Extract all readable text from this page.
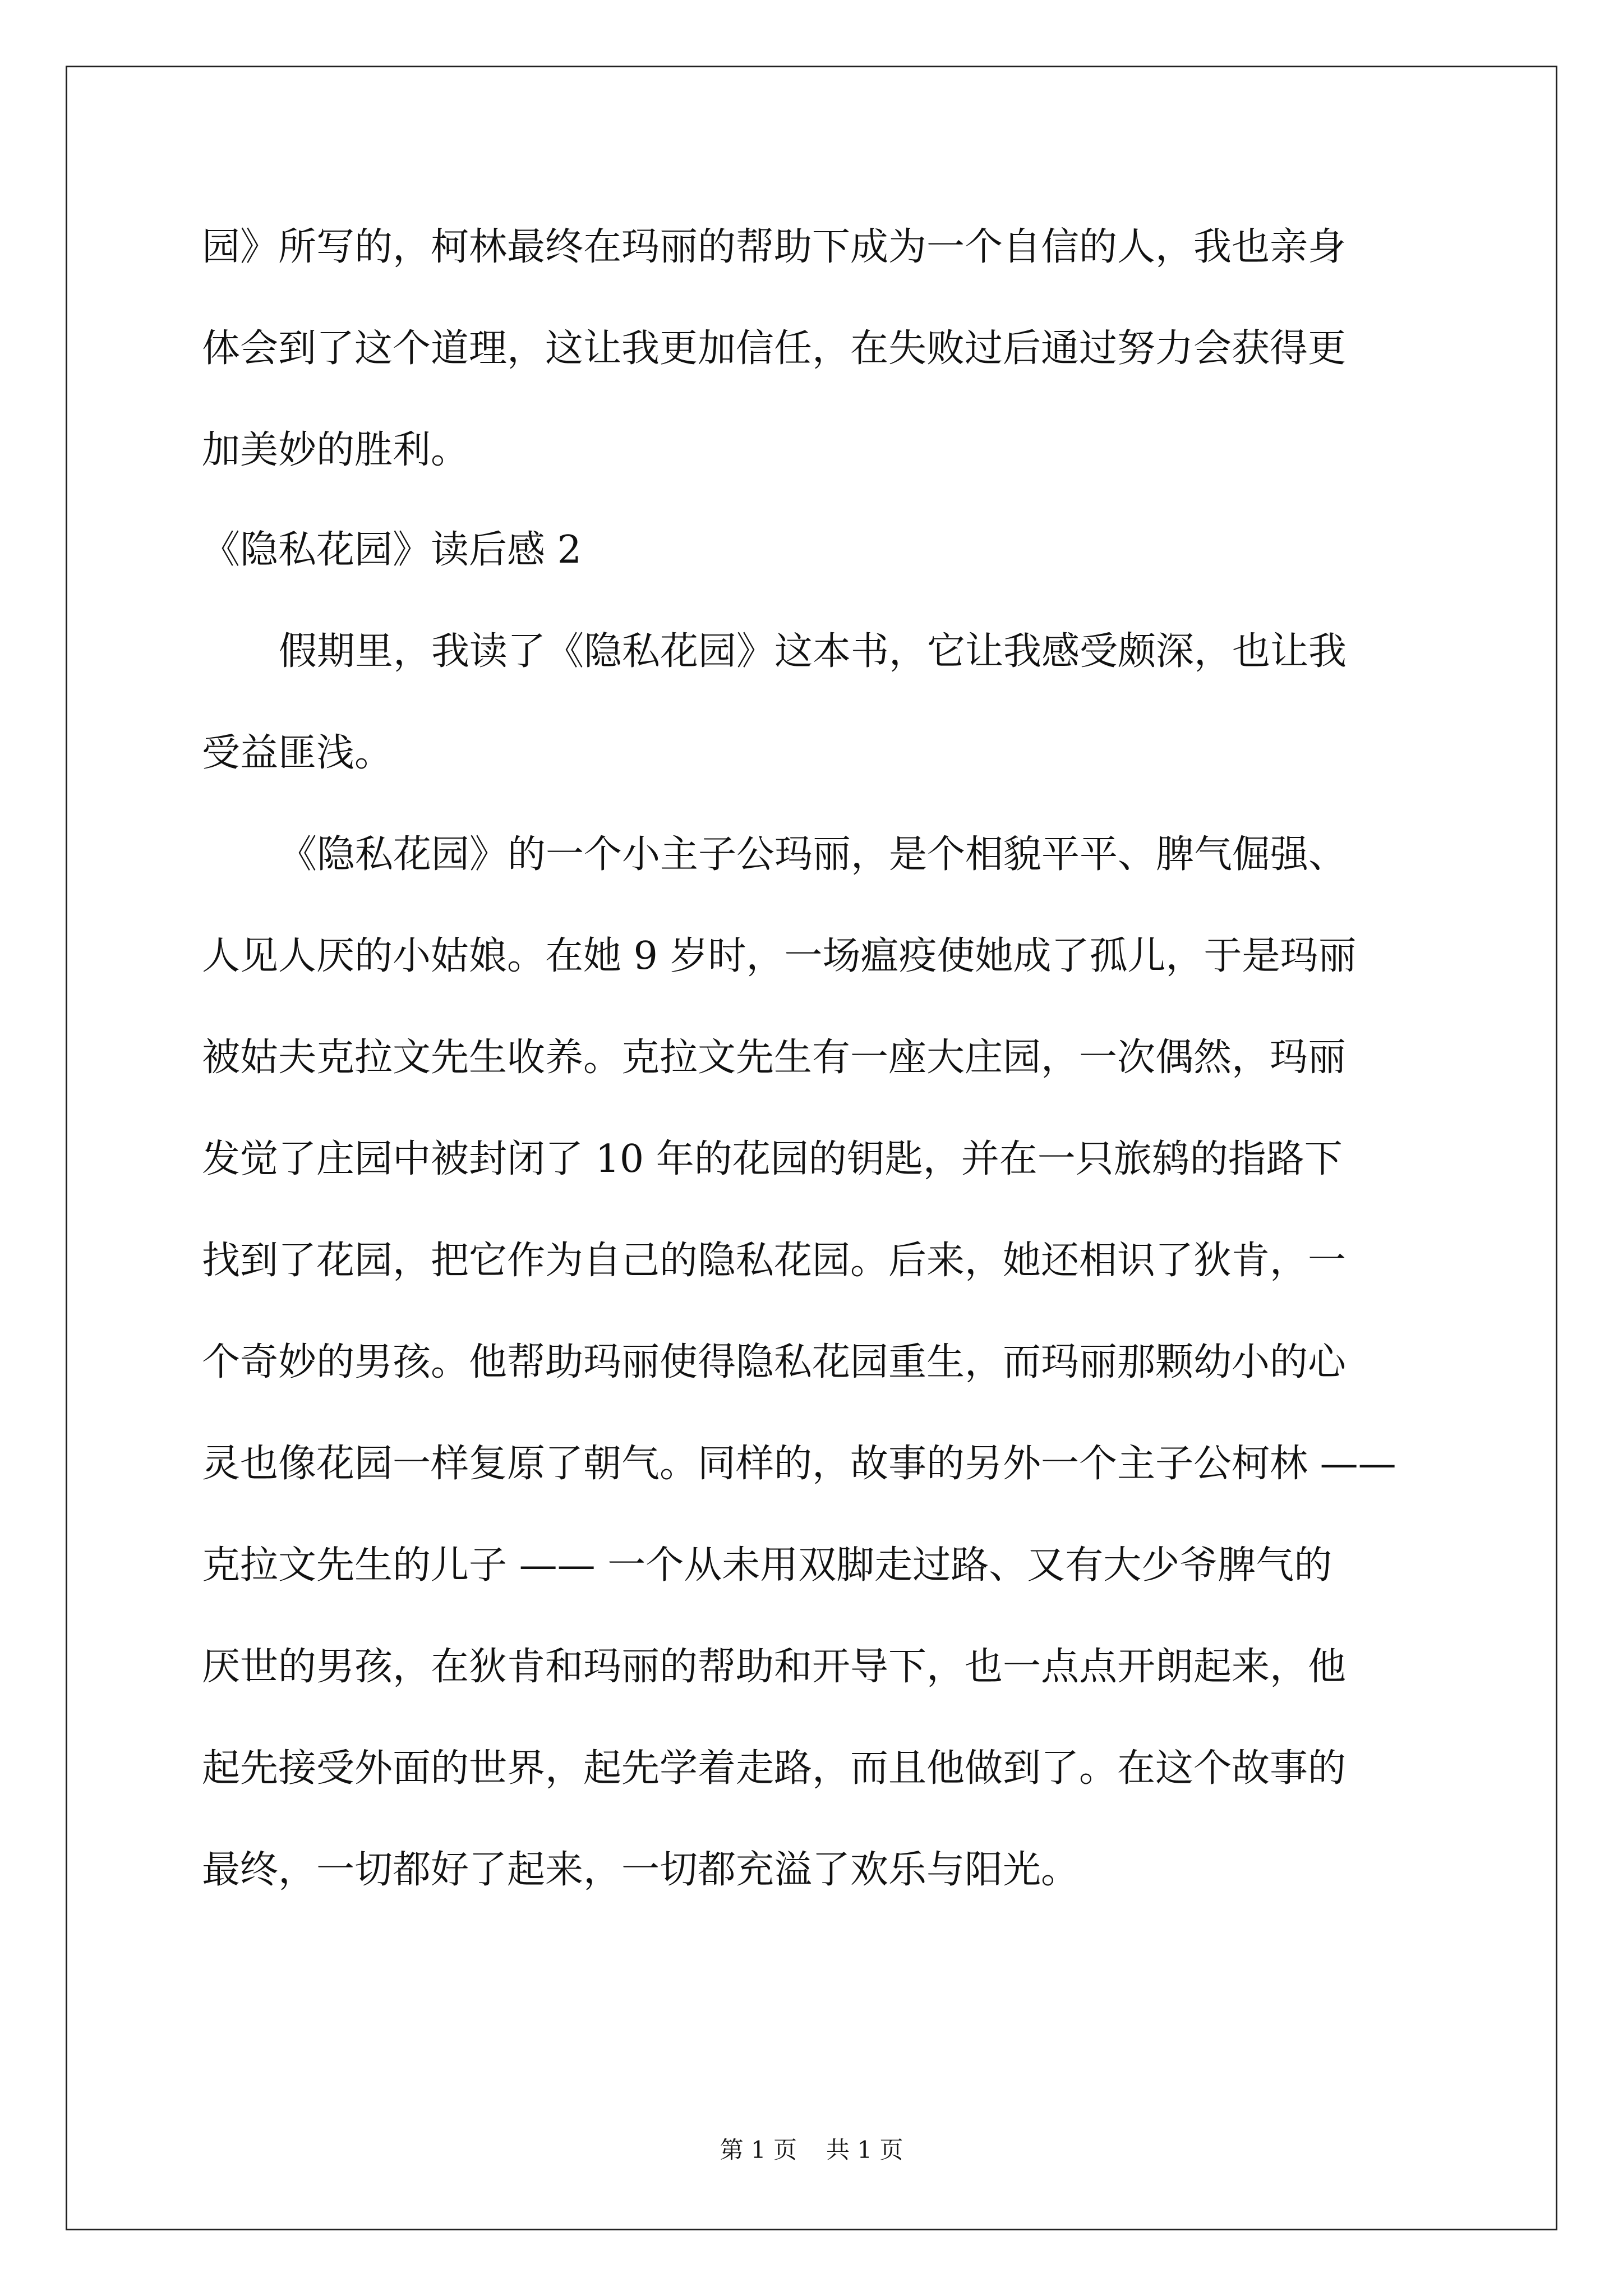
园》所写的，柯林最终在玛丽的帮助下成为一个自信的人，我也亲身
体会到了这个道理，这让我更加信任，在失败过后通过努力会获得更
加美妙的胜利。
《隐私花园》读后感 2
假期里，我读了《隐私花园》这本书，它让我感受颇深，也让我
受益匪浅。
《隐私花园》的一个小主子公玛丽，是个相貌平平、脾气倔强、
人见人厌的小姑娘。在她 9 岁时，一场瘟疫使她成了孤儿，于是玛丽
被姑夫克拉文先生收养。克拉文先生有一座大庄园，一次偶然，玛丽
发觉了庄园中被封闭了 10 年的花园的钥匙，并在一只旅鸫的指路下
找到了花园，把它作为自己的隐私花园。后来，她还相识了狄肯，一
个奇妙的男孩。他帮助玛丽使得隐私花园重生，而玛丽那颗幼小的心
灵也像花园一样复原了朝气。同样的，故事的另外一个主子公柯林 ——
克拉文先生的儿子 —— 一个从未用双脚走过路、又有大少爷脾气的
厌世的男孩，在狄肯和玛丽的帮助和开导下，也一点点开朗起来，他
起先接受外面的世界，起先学着走路，而且他做到了。在这个故事的
最终，一切都好了起来，一切都充溢了欢乐与阳光。
第 1 页 共 1 页
